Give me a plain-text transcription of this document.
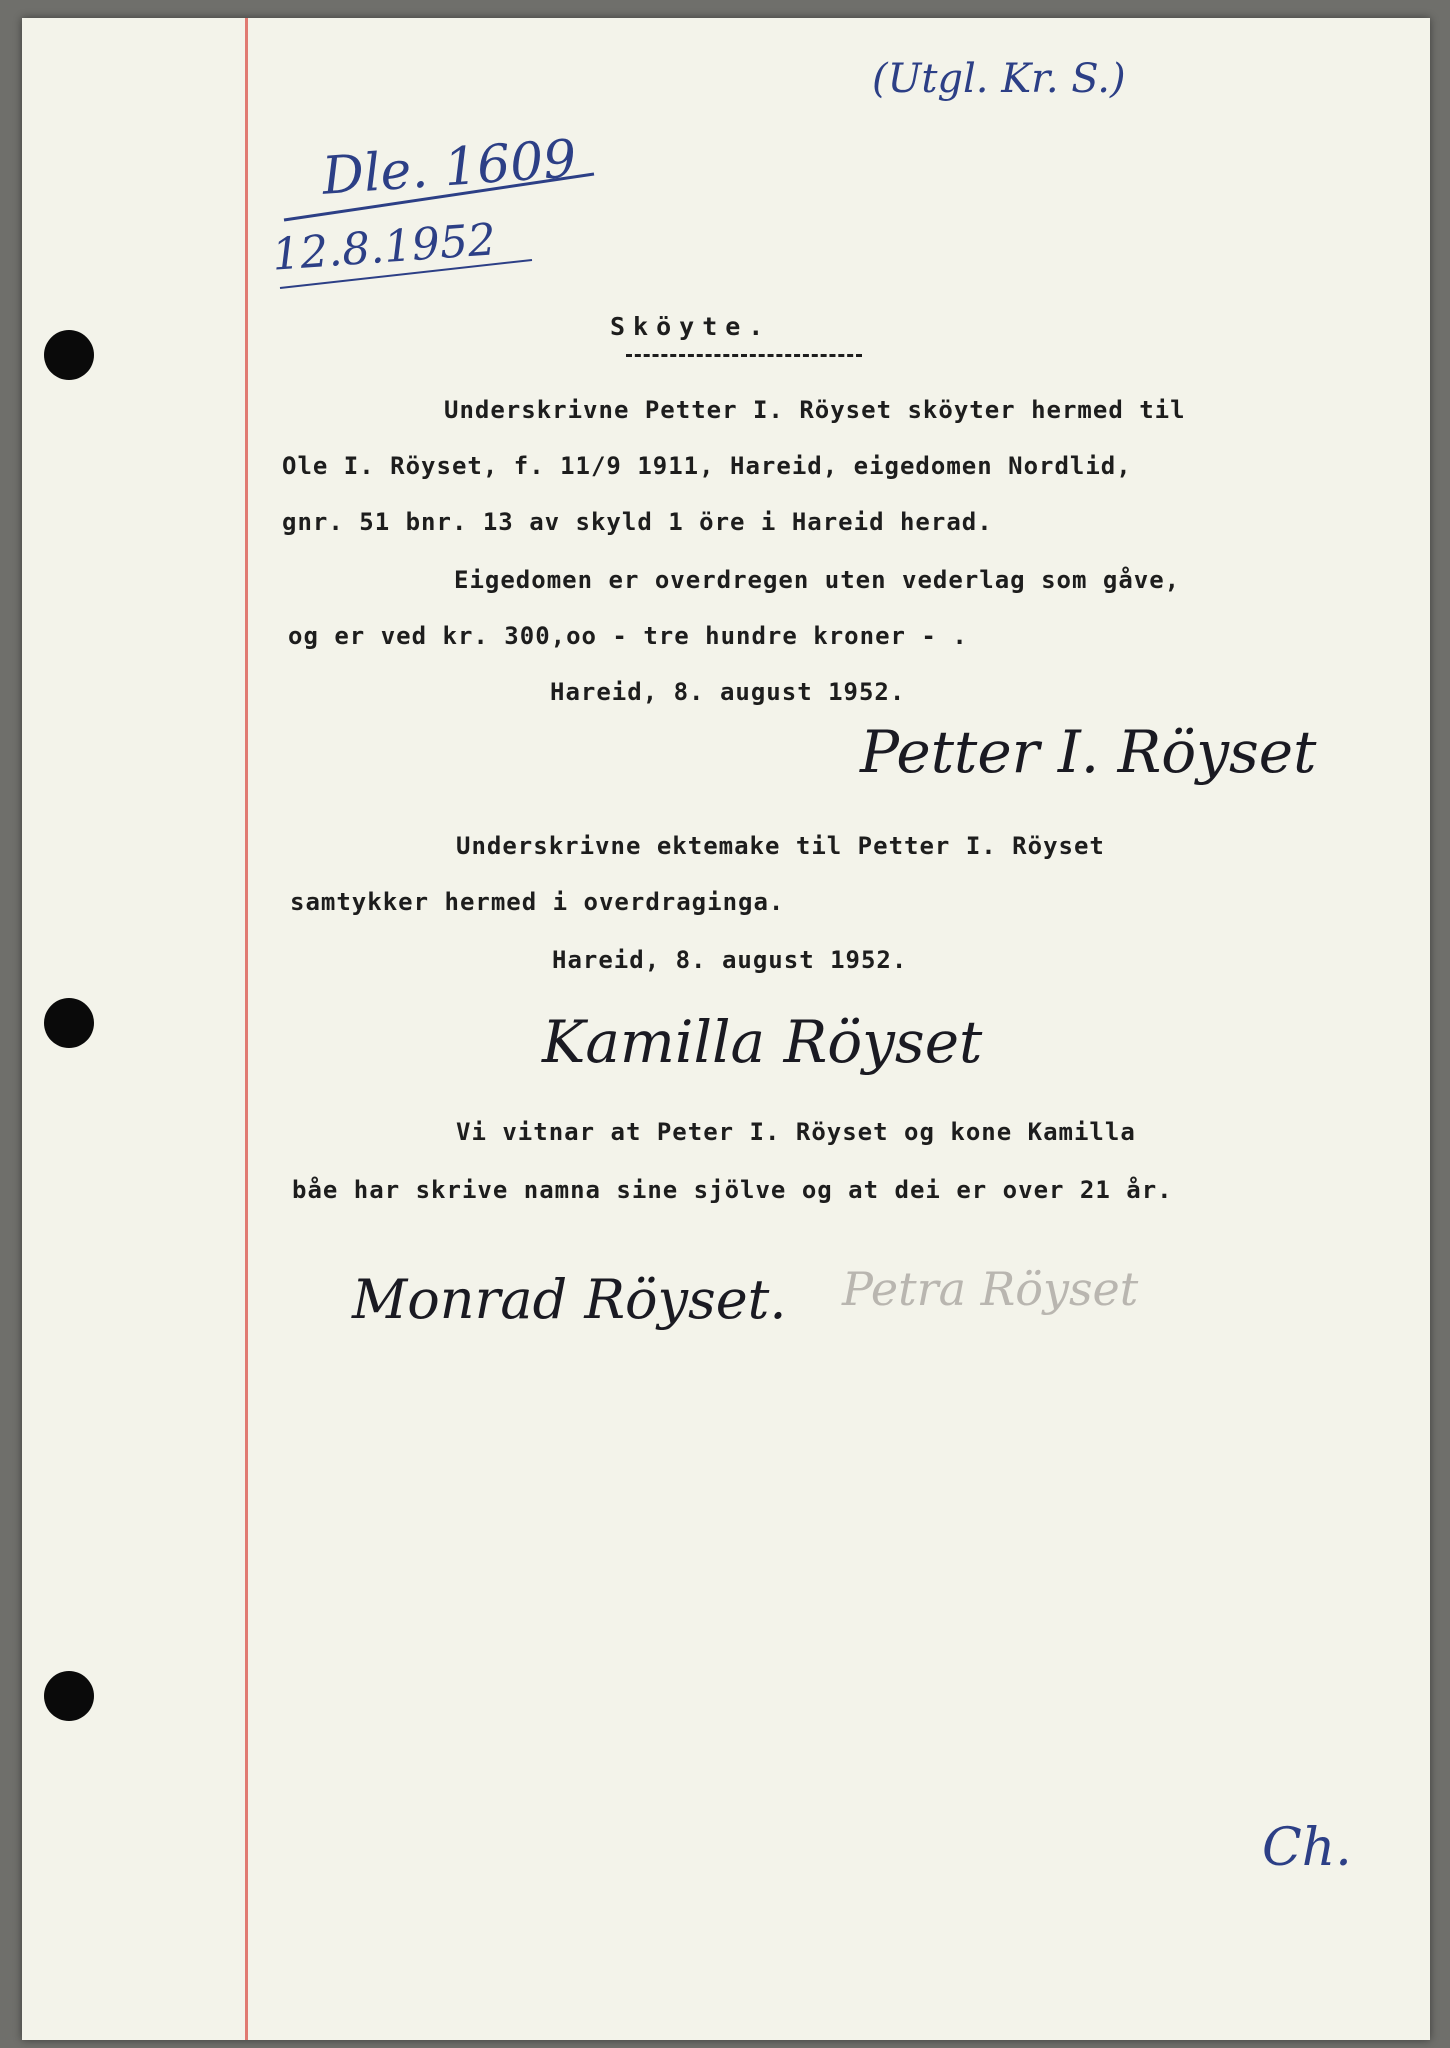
(Utgl. Kr. S.)
Dle. 1609
12.8.1952
Sköyte.
Underskrivne Petter I. Röyset sköyter hermed til
Ole I. Röyset, f. 11/9 1911, Hareid, eigedomen Nordlid,
gnr. 51 bnr. 13 av skyld 1 öre i Hareid herad.
Eigedomen er overdregen uten vederlag som gåve,
og er ved kr. 300,oo - tre hundre kroner - .
Hareid, 8. august 1952.
Petter I. Röyset
Underskrivne ektemake til Petter I. Röyset
samtykker hermed i overdraginga.
Hareid, 8. august 1952.
Kamilla Röyset
Vi vitnar at Peter I. Röyset og kone Kamilla
båe har skrive namna sine sjölve og at dei er over 21 år.
Monrad Röyset. Petra Röyset
Ch.
